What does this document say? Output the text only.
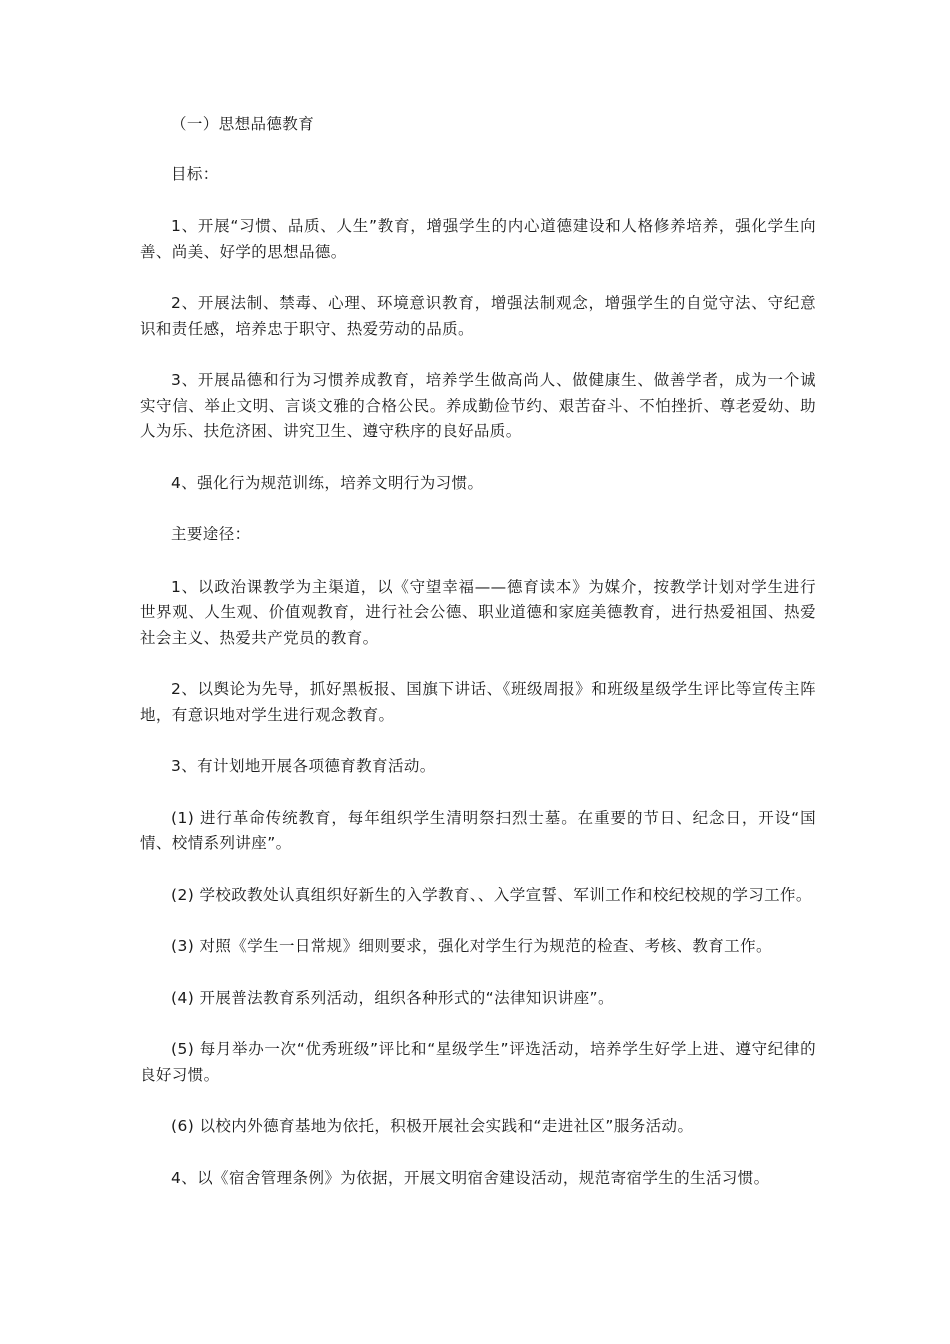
（一）思想品德教育

目标：

1、开展“习惯、品质、人生”教育，增强学生的内心道德建设和人格修养培养，强化学生向善、尚美、好学的思想品德。

2、开展法制、禁毒、心理、环境意识教育，增强法制观念，增强学生的自觉守法、守纪意识和责任感，培养忠于职守、热爱劳动的品质。

3、开展品德和行为习惯养成教育，培养学生做高尚人、做健康生、做善学者，成为一个诚实守信、举止文明、言谈文雅的合格公民。养成勤俭节约、艰苦奋斗、不怕挫折、尊老爱幼、助人为乐、扶危济困、讲究卫生、遵守秩序的良好品质。

4、强化行为规范训练，培养文明行为习惯。

主要途径：

1、以政治课教学为主渠道，以《守望幸福——德育读本》为媒介，按教学计划对学生进行世界观、人生观、价值观教育，进行社会公德、职业道德和家庭美德教育，进行热爱祖国、热爱社会主义、热爱共产党员的教育。

2、以舆论为先导，抓好黑板报、国旗下讲话、《班级周报》和班级星级学生评比等宣传主阵地，有意识地对学生进行观念教育。

3、有计划地开展各项德育教育活动。

(1) 进行革命传统教育，每年组织学生清明祭扫烈士墓。在重要的节日、纪念日，开设“国情、校情系列讲座”。

(2) 学校政教处认真组织好新生的入学教育、、入学宣誓、军训工作和校纪校规的学习工作。

(3) 对照《学生一日常规》细则要求，强化对学生行为规范的检查、考核、教育工作。

(4) 开展普法教育系列活动，组织各种形式的“法律知识讲座”。

(5) 每月举办一次“优秀班级”评比和“星级学生”评选活动，培养学生好学上进、遵守纪律的良好习惯。

(6) 以校内外德育基地为依托，积极开展社会实践和“走进社区”服务活动。

4、以《宿舍管理条例》为依据，开展文明宿舍建设活动，规范寄宿学生的生活习惯。
